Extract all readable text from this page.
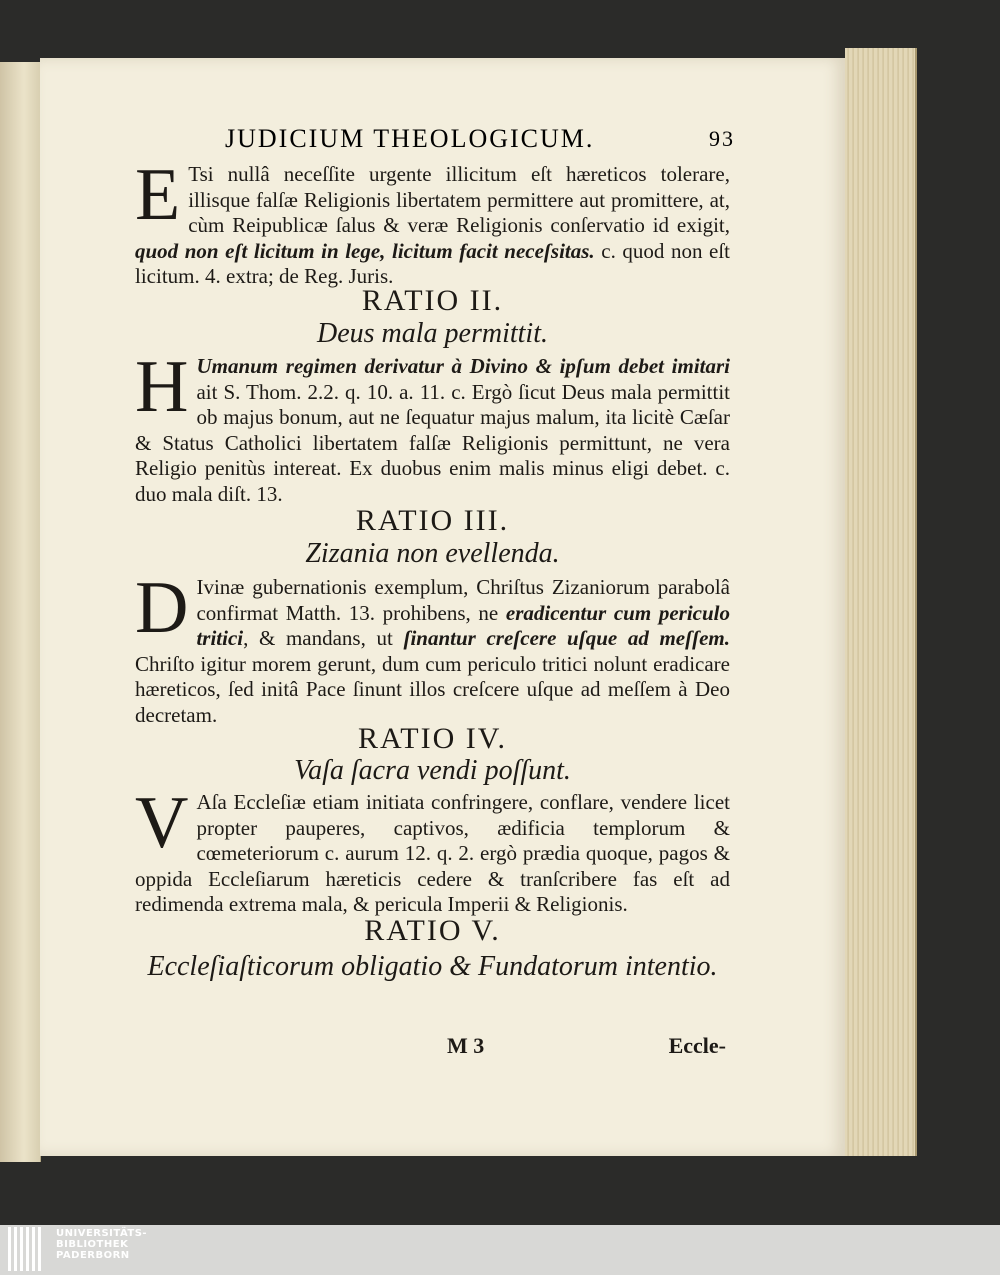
JUDICIUM THEOLOGICUM.	93
E Tsi nullâ neceſſite urgente illicitum eſt hæreticos tolerare, illisque falſæ Religionis libertatem permittere aut promittere, at, cùm Reipublicæ ſalus & veræ Religionis conſervatio id exigit, quod non eſt licitum in lege, licitum facit neceſsitas. c. quod non eſt licitum. 4. extra; de Reg. Juris.
RATIO II.
Deus mala permittit.
H Umanum regimen derivatur à Divino & ipſum debet imitari ait S. Thom. 2.2. q. 10. a. 11. c. Ergò ſicut Deus mala permittit ob majus bonum, aut ne ſequatur majus malum, ita licitè Cæſar & Status Catholici libertatem falſæ Religionis permittunt, ne vera Religio penitùs intereat. Ex duobus enim malis minus eligi debet. c. duo mala diſt. 13.
RATIO III.
Zizania non evellenda.
D Ivinæ gubernationis exemplum, Chriſtus Zizaniorum parabolâ confirmat Matth. 13. prohibens, ne eradicentur cum periculo tritici, & mandans, ut ſinantur creſcere uſque ad meſſem. Chriſto igitur morem gerunt, dum cum periculo tritici nolunt eradicare hæreticos, ſed initâ Pace ſinunt illos creſcere uſque ad meſſem à Deo decretam.
RATIO IV.
Vaſa ſacra vendi poſſunt.
V Aſa Eccleſiæ etiam initiata confringere, conflare, vendere licet propter pauperes, captivos, ædificia templorum & cœmeteriorum c. aurum 12. q. 2. ergò prædia quoque, pagos & oppida Eccleſiarum hæreticis cedere & tranſcribere fas eſt ad redimenda extrema mala, & pericula Imperii & Religionis.
RATIO V.
Eccleſiaſticorum obligatio & Fundatorum intentio.
M 3	Eccle-
UNIVERSITÄTS-
BIBLIOTHEK
PADERBORN
